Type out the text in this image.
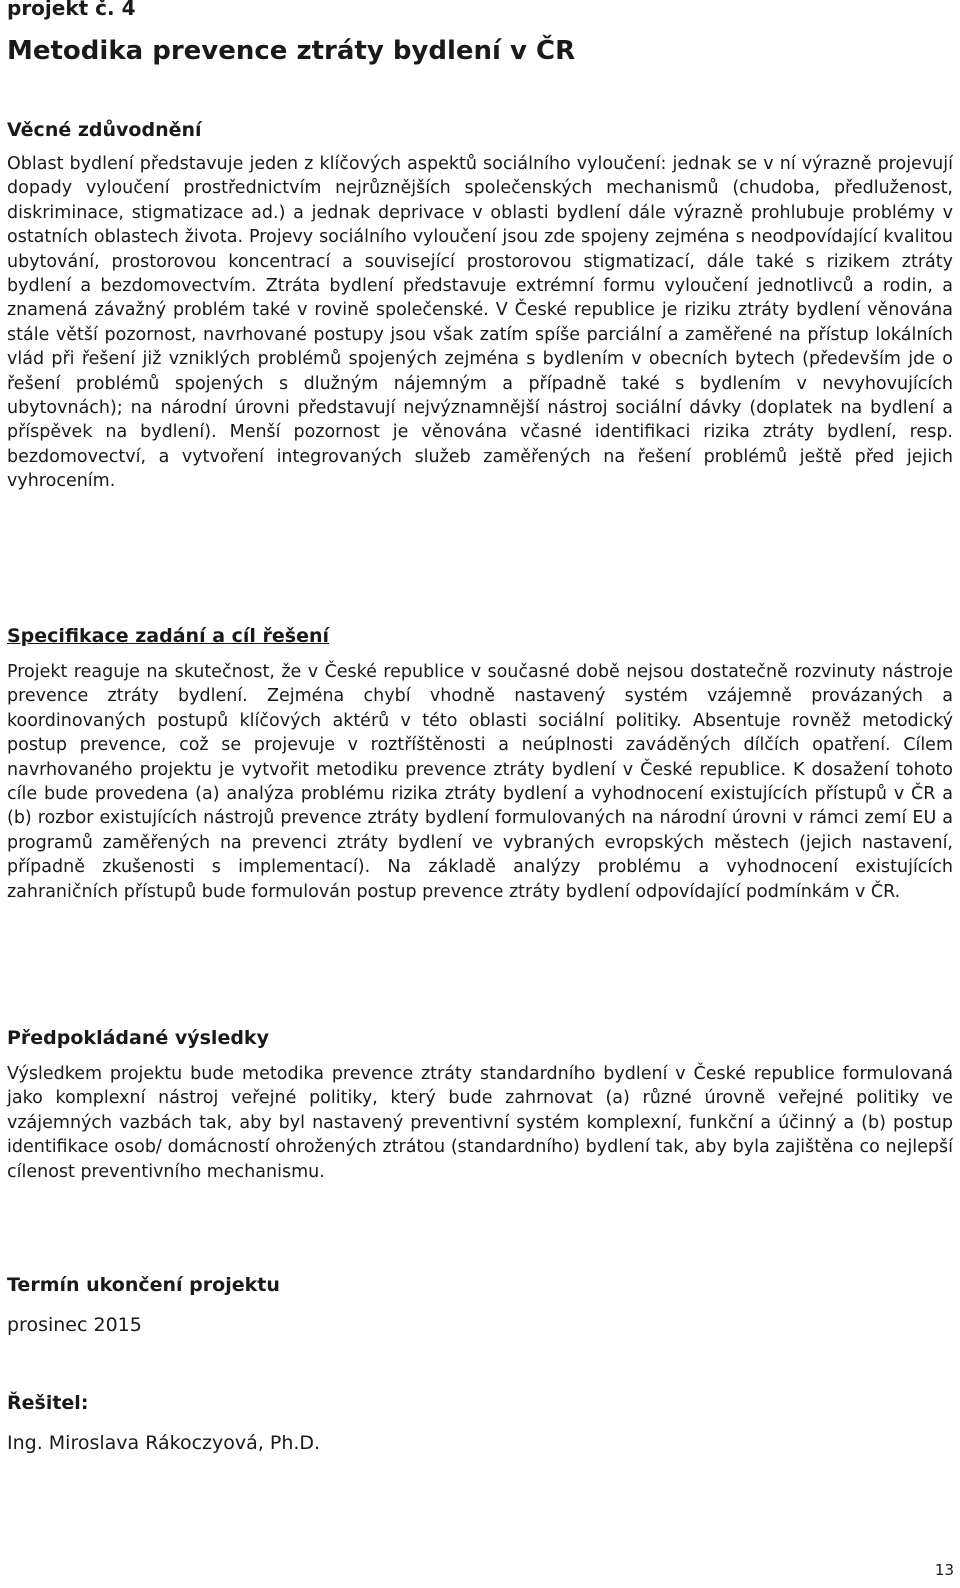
projekt č. 4

Metodika prevence ztráty bydlení v ČR
Věcné zdůvodnění

Oblast bydlení představuje jeden z klíčových aspektů sociálního vyloučení: jednak se v ní výrazně projevují dopady vyloučení prostřednictvím nejrůznějších společenských mechanismů (chudoba, předluženost, diskriminace, stigmatizace ad.) a jednak deprivace v oblasti bydlení dále výrazně prohlubuje problémy v ostatních oblastech života. Projevy sociálního vyloučení jsou zde spojeny zejména s neodpovídající kvalitou ubytování, prostorovou koncentrací a související prostorovou stigmatizací, dále také s rizikem ztráty bydlení a bezdomovectvím. Ztráta bydlení představuje extrémní formu vyloučení jednotlivců a rodin, a znamená závažný problém také v rovině společenské. V České republice je riziku ztráty bydlení věnována stále větší pozornost, navrhované postupy jsou však zatím spíše parciální a zaměřené na přístup lokálních vlád při řešení již vzniklých problémů spojených zejména s bydlením v obecních bytech (především jde o řešení problémů spojených s dlužným nájemným a případně také s bydlením v nevyhovujících ubytovnách); na národní úrovni představují nejvýznamnější nástroj sociální dávky (doplatek na bydlení a příspěvek na bydlení). Menší pozornost je věnována včasné identifikaci rizika ztráty bydlení, resp. bezdomovectví, a vytvoření integrovaných služeb zaměřených na řešení problémů ještě před jejich vyhrocením.

Specifikace zadání a cíl řešení

Projekt reaguje na skutečnost, že v České republice v současné době nejsou dostatečně rozvinuty nástroje prevence ztráty bydlení. Zejména chybí vhodně nastavený systém vzájemně provázaných a koordinovaných postupů klíčových aktérů v této oblasti sociální politiky. Absentuje rovněž metodický postup prevence, což se projevuje v roztříštěnosti a neúplnosti zaváděných dílčích opatření. Cílem navrhovaného projektu je vytvořit metodiku prevence ztráty bydlení v České republice. K dosažení tohoto cíle bude provedena (a) analýza problému rizika ztráty bydlení a vyhodnocení existujících přístupů v ČR a (b) rozbor existujících nástrojů prevence ztráty bydlení formulovaných na národní úrovni v rámci zemí EU a programů zaměřených na prevenci ztráty bydlení ve vybraných evropských městech (jejich nastavení, případně zkušenosti s implementací). Na základě analýzy problému a vyhodnocení existujících zahraničních přístupů bude formulován postup prevence ztráty bydlení odpovídající podmínkám v ČR.

Předpokládané výsledky

Výsledkem projektu bude metodika prevence ztráty standardního bydlení v České republice formulovaná jako komplexní nástroj veřejné politiky, který bude zahrnovat (a) různé úrovně veřejné politiky ve vzájemných vazbách tak, aby byl nastavený preventivní systém komplexní, funkční a účinný a (b) postup identifikace osob/ domácností ohrožených ztrátou (standardního) bydlení tak, aby byla zajištěna co nejlepší cílenost preventivního mechanismu.

Termín ukončení projektu

prosinec 2015

Řešitel:

Ing. Miroslava Rákoczyová, Ph.D.

13
